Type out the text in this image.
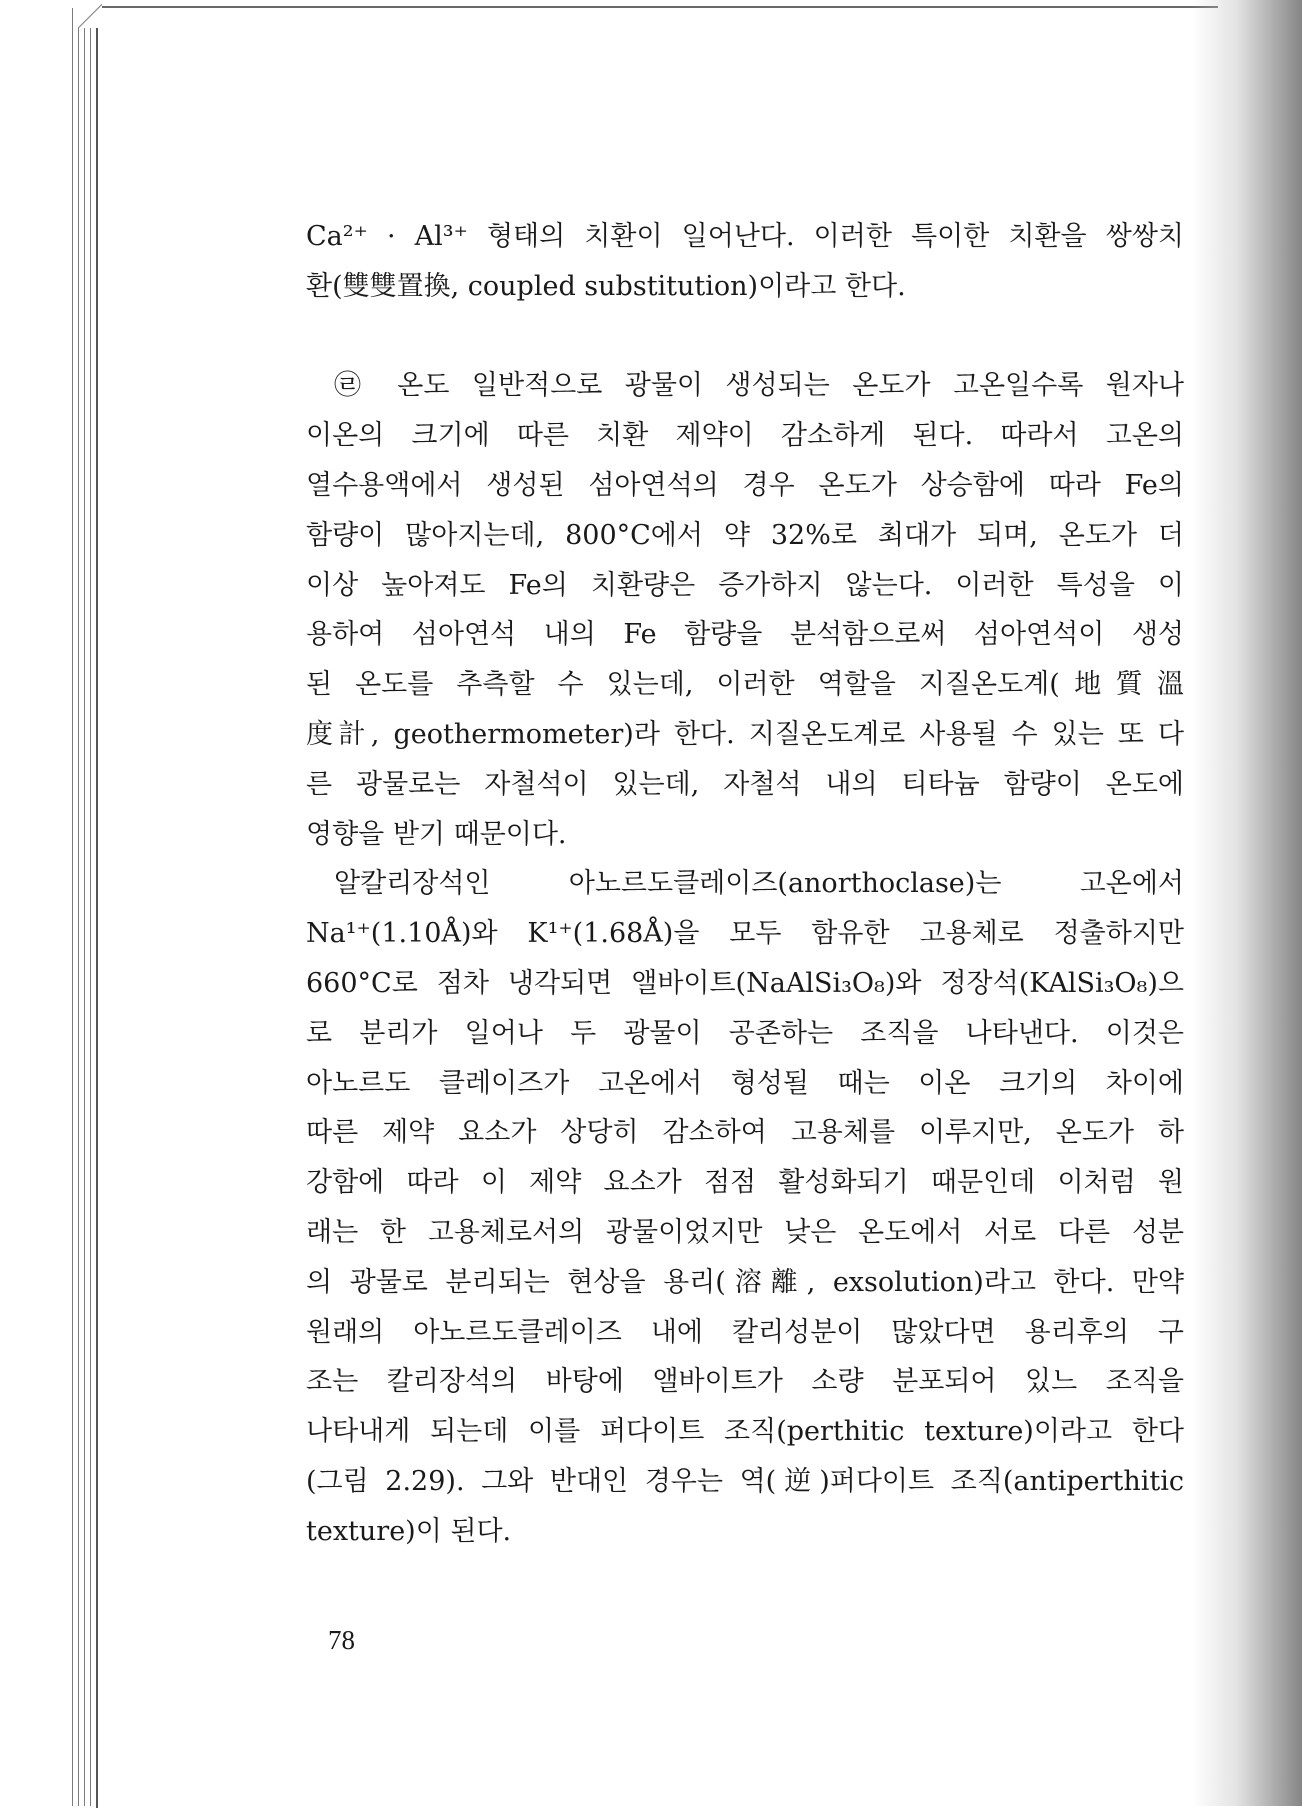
Ca²⁺ · Al³⁺ 형태의 치환이 일어난다. 이러한 특이한 치환을 쌍쌍치
환(雙雙置換, coupled substitution)이라고 한다.
㉣ 온도 일반적으로 광물이 생성되는 온도가 고온일수록 원자나
이온의 크기에 따른 치환 제약이 감소하게 된다. 따라서 고온의
열수용액에서 생성된 섬아연석의 경우 온도가 상승함에 따라 Fe의
함량이 많아지는데, 800°C에서 약 32%로 최대가 되며, 온도가 더
이상 높아져도 Fe의 치환량은 증가하지 않는다. 이러한 특성을 이
용하여 섬아연석 내의 Fe 함량을 분석함으로써 섬아연석이 생성
된 온도를 추측할 수 있는데, 이러한 역할을 지질온도계(地質溫
度計, geothermometer)라 한다. 지질온도계로 사용될 수 있는 또 다
른 광물로는 자철석이 있는데, 자철석 내의 티타늄 함량이 온도에
영향을 받기 때문이다.
알칼리장석인 아노르도클레이즈(anorthoclase)는 고온에서
Na¹⁺(1.10Å)와 K¹⁺(1.68Å)을 모두 함유한 고용체로 정출하지만
660°C로 점차 냉각되면 앨바이트(NaAlSi₃O₈)와 정장석(KAlSi₃O₈)으
로 분리가 일어나 두 광물이 공존하는 조직을 나타낸다. 이것은
아노르도 클레이즈가 고온에서 형성될 때는 이온 크기의 차이에
따른 제약 요소가 상당히 감소하여 고용체를 이루지만, 온도가 하
강함에 따라 이 제약 요소가 점점 활성화되기 때문인데 이처럼 원
래는 한 고용체로서의 광물이었지만 낮은 온도에서 서로 다른 성분
의 광물로 분리되는 현상을 용리(溶離, exsolution)라고 한다. 만약
원래의 아노르도클레이즈 내에 칼리성분이 많았다면 용리후의 구
조는 칼리장석의 바탕에 앨바이트가 소량 분포되어 있느 조직을
나타내게 되는데 이를 퍼다이트 조직(perthitic texture)이라고 한다
(그림 2.29). 그와 반대인 경우는 역(逆)퍼다이트 조직(antiperthitic
texture)이 된다.
78
